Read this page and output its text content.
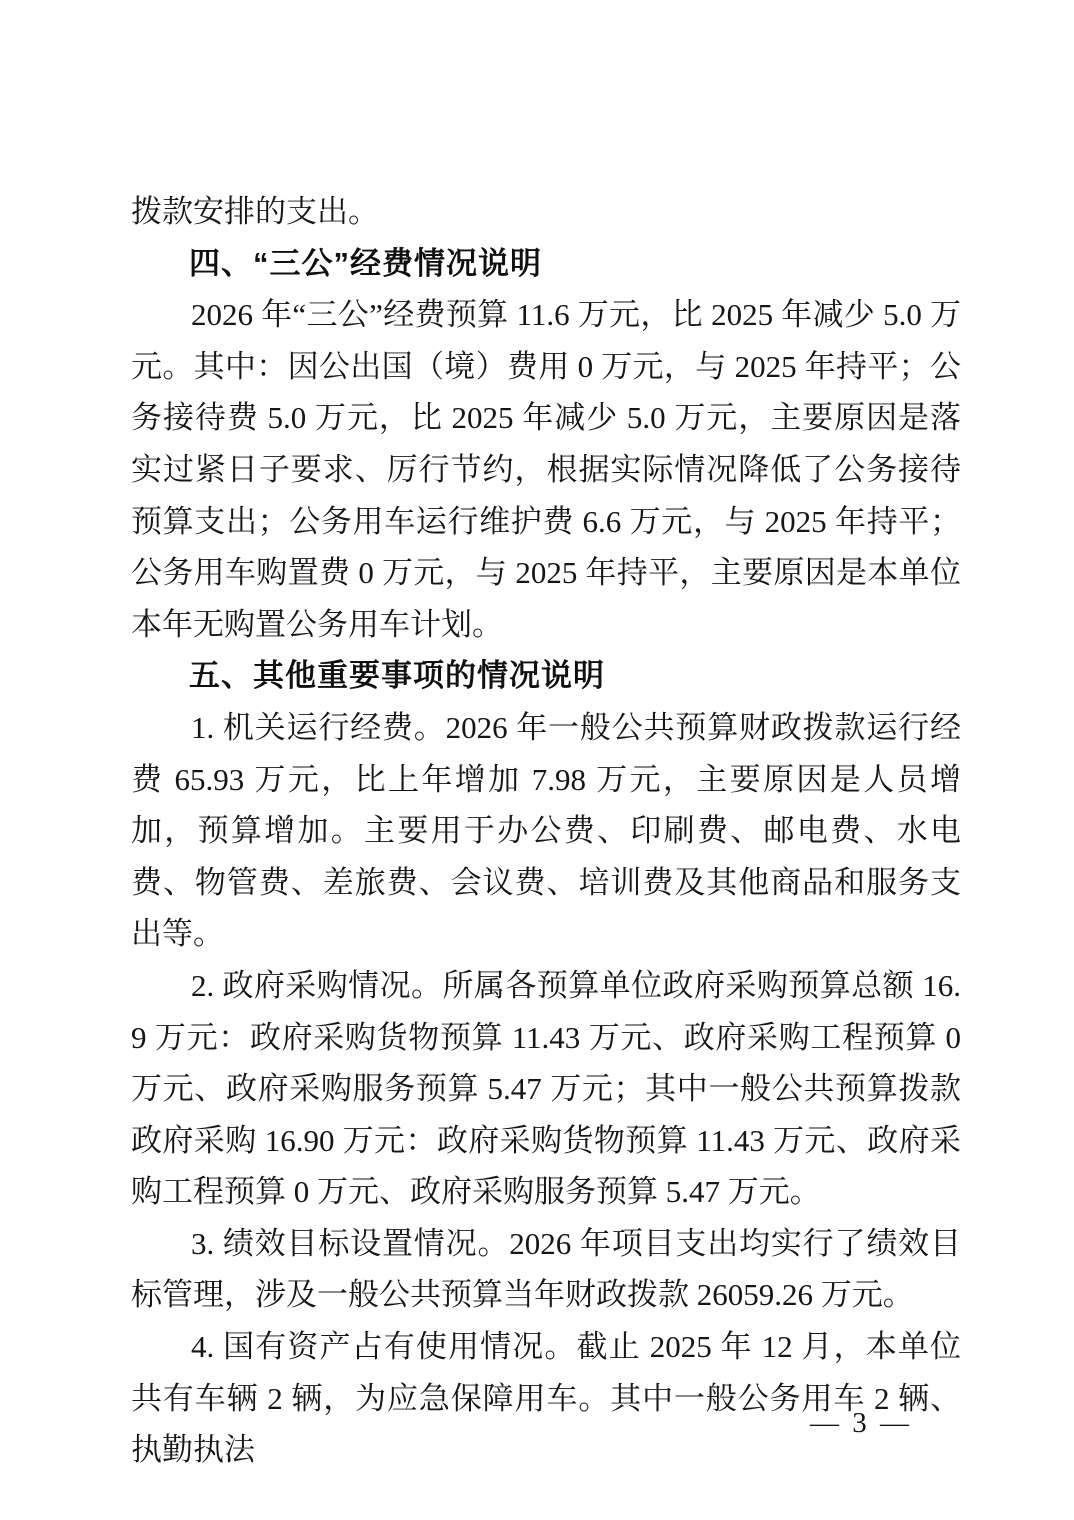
拨款安排的支出。

四、“三公”经费情况说明

2026 年“三公”经费预算 11.6 万元，比 2025 年减少 5.0 万元。其中：因公出国（境）费用 0 万元，与 2025 年持平；公务接待费 5.0 万元，比 2025 年减少 5.0 万元，主要原因是落实过紧日子要求、厉行节约，根据实际情况降低了公务接待预算支出；公务用车运行维护费 6.6 万元，与 2025 年持平；公务用车购置费 0 万元，与 2025 年持平，主要原因是本单位本年无购置公务用车计划。

五、其他重要事项的情况说明

1. 机关运行经费。2026 年一般公共预算财政拨款运行经费 65.93 万元，比上年增加 7.98 万元，主要原因是人员增加，预算增加。主要用于办公费、印刷费、邮电费、水电费、物管费、差旅费、会议费、培训费及其他商品和服务支出等。

2. 政府采购情况。所属各预算单位政府采购预算总额 16.9 万元：政府采购货物预算 11.43 万元、政府采购工程预算 0 万元、政府采购服务预算 5.47 万元；其中一般公共预算拨款政府采购 16.90 万元：政府采购货物预算 11.43 万元、政府采购工程预算 0 万元、政府采购服务预算 5.47 万元。

3. 绩效目标设置情况。2026 年项目支出均实行了绩效目标管理，涉及一般公共预算当年财政拨款 26059.26 万元。

4. 国有资产占有使用情况。截止 2025 年 12 月，本单位共有车辆 2 辆，为应急保障用车。其中一般公务用车 2 辆、执勤执法

— 3 —
